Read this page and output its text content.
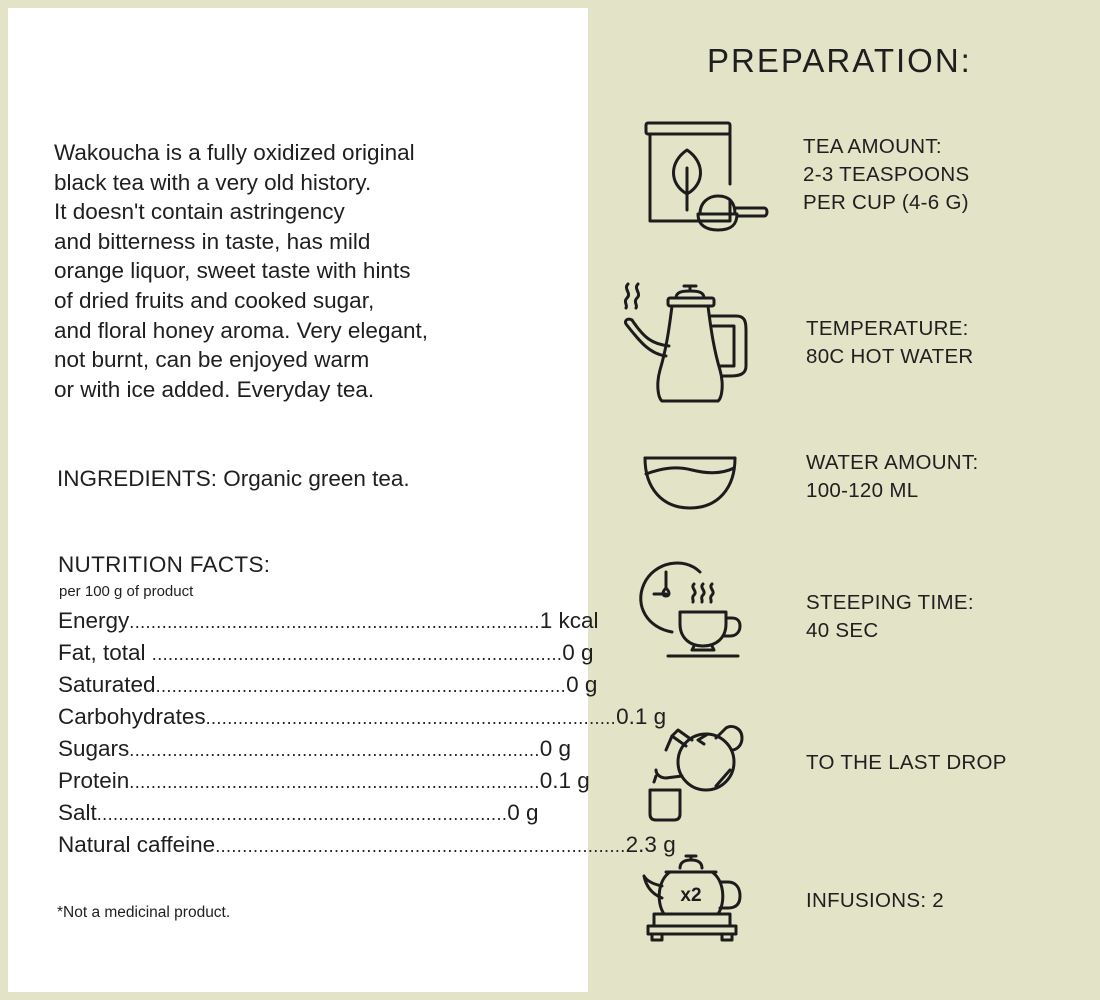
Wakoucha is a fully oxidized original
black tea with a very old history.
It doesn't contain astringency
and bitterness in taste, has mild
orange liquor, sweet taste with hints
of dried fruits and cooked sugar,
and floral honey aroma. Very elegant,
not burnt, can be enjoyed warm
or with ice added. Everyday tea.

INGREDIENTS: Organic green tea.
NUTRITION FACTS:
per 100 g of product
Energy ............................................................................ 1 kcal
Fat, total ............................................................................ 0 g
Saturated ............................................................................ 0 g
Carbohydrates ............................................................................ 0.1 g
Sugars ............................................................................ 0 g
Protein ............................................................................ 0.1 g
Salt ............................................................................ 0 g
Natural caffeine ............................................................................ 2.3 g
*Not a medicinal product.
PREPARATION:
TEA AMOUNT:
2-3 TEASPOONS
PER CUP (4-6 G)
TEMPERATURE:
80C HOT WATER
WATER AMOUNT:
100-120 ML
STEEPING TIME:
40 SEC
TO THE LAST DROP
x2	INFUSIONS: 2
